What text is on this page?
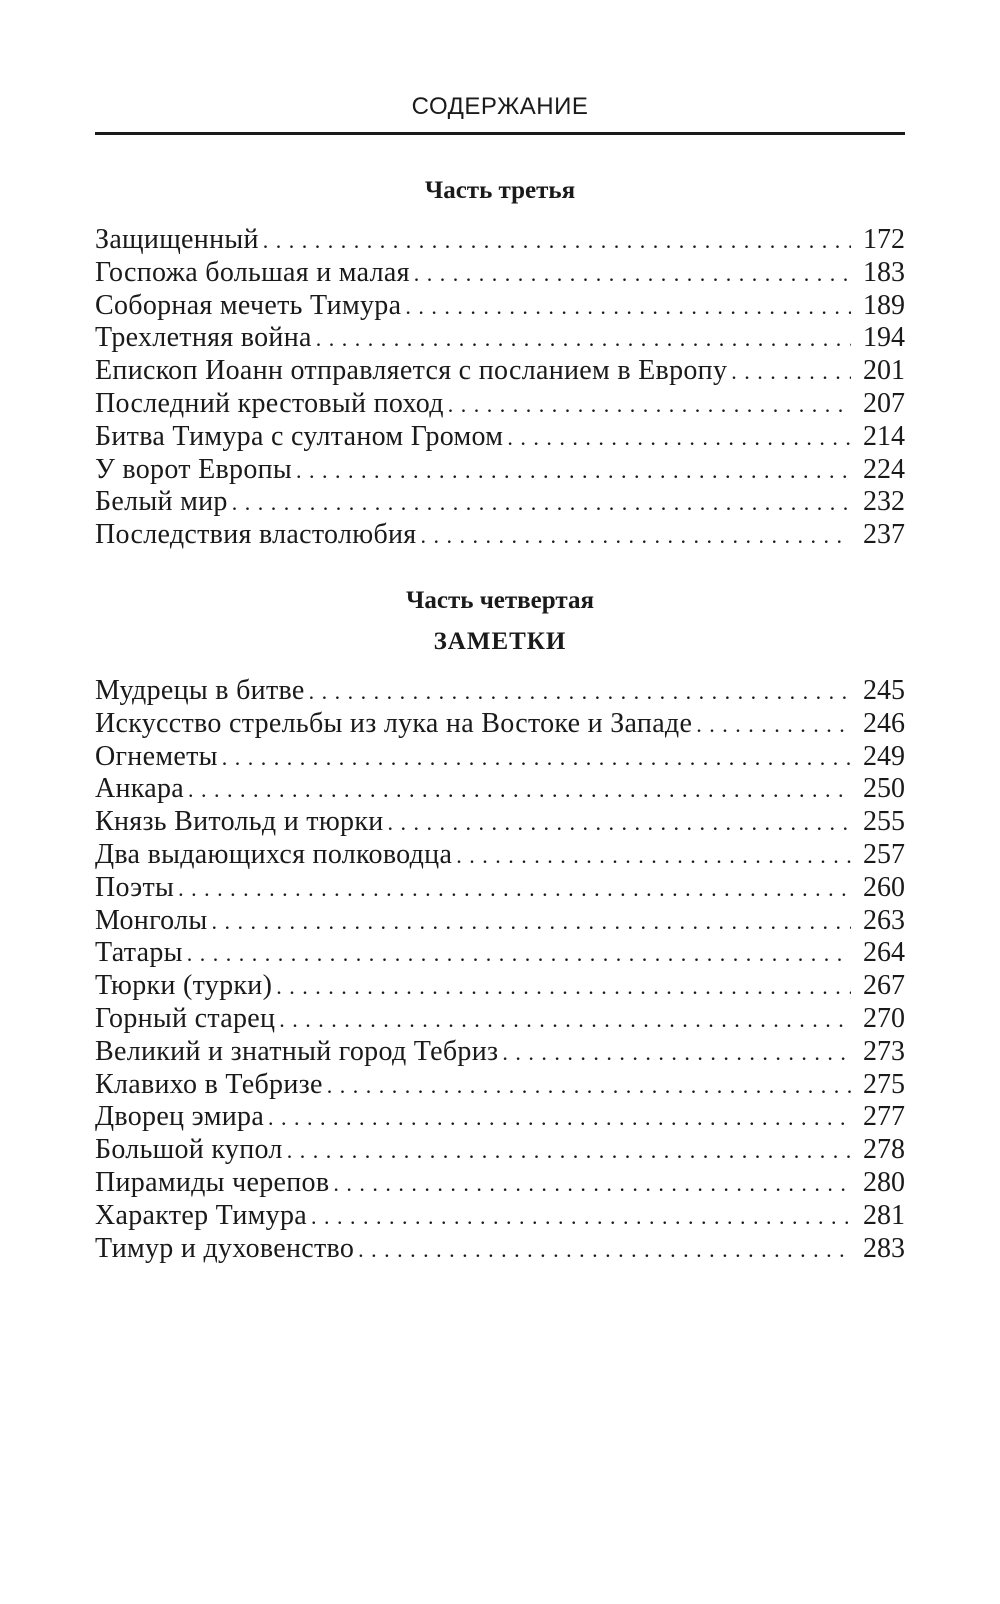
СОДЕРЖАНИЕ
Часть третья
Защищенный . . .	172
Госпожа большая и малая . . .	183
Соборная мечеть Тимура . . .	189
Трехлетняя война . . .	194
Епископ Иоанн отправляется с посланием в Европу . . .	201
Последний крестовый поход . . .	207
Битва Тимура с султаном Громом . . .	214
У ворот Европы . . .	224
Белый мир . . .	232
Последствия властолюбия . . .	237
Часть четвертая
ЗАМЕТКИ
Мудрецы в битве . . .	245
Искусство стрельбы из лука на Востоке и Западе . . .	246
Огнеметы . . .	249
Анкара . . .	250
Князь Витольд и тюрки . . .	255
Два выдающихся полководца . . .	257
Поэты . . .	260
Монголы . . .	263
Татары . . .	264
Тюрки (турки) . . .	267
Горный старец . . .	270
Великий и знатный город Тебриз . . .	273
Клавихо в Тебризе . . .	275
Дворец эмира . . .	277
Большой купол . . .	278
Пирамиды черепов . . .	280
Характер Тимура . . .	281
Тимур и духовенство . . .	283
